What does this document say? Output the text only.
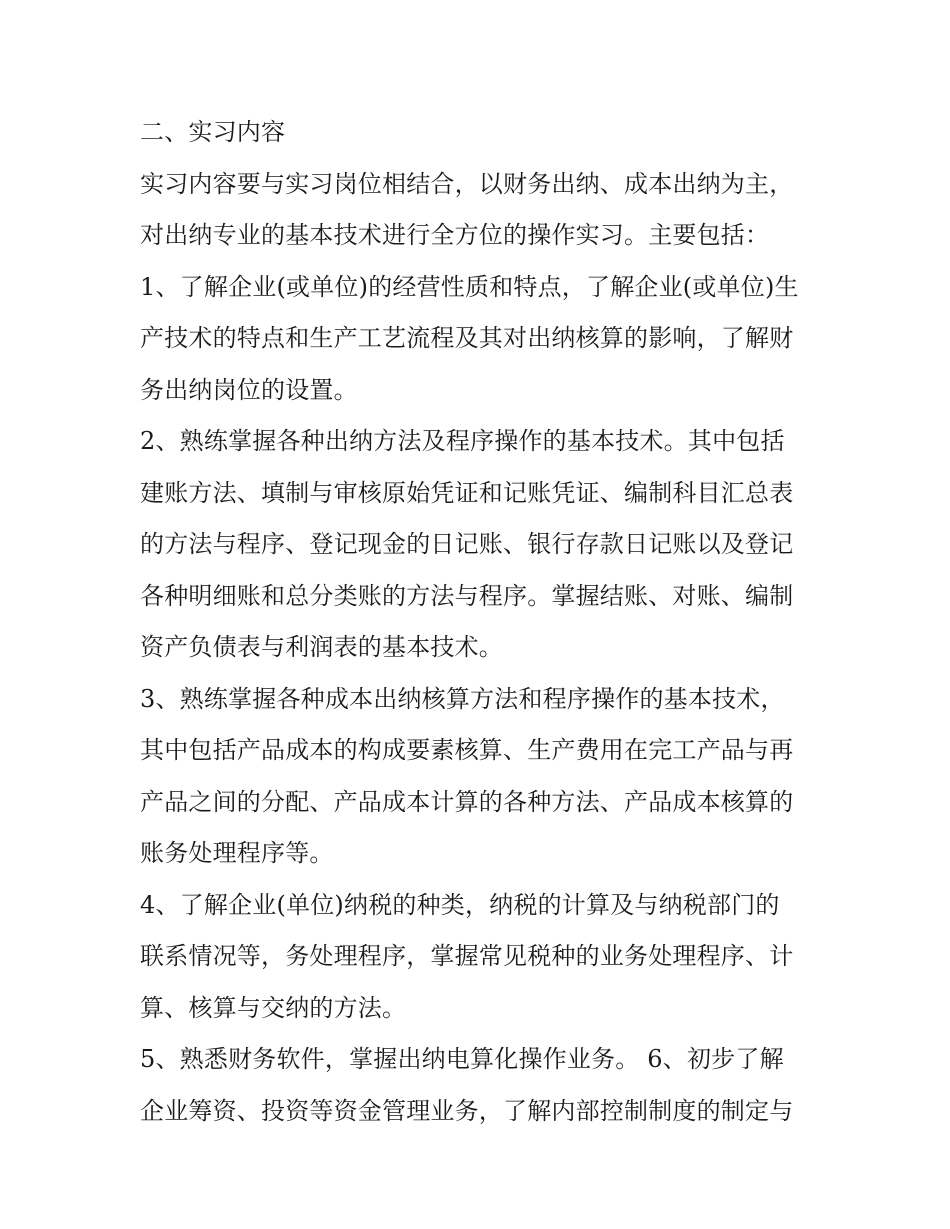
二、实习内容
实习内容要与实习岗位相结合，以财务出纳、成本出纳为主，
对出纳专业的基本技术进行全方位的操作实习。主要包括：
1、了解企业(或单位)的经营性质和特点，了解企业(或单位)生
产技术的特点和生产工艺流程及其对出纳核算的影响，了解财
务出纳岗位的设置。
2、熟练掌握各种出纳方法及程序操作的基本技术。其中包括
建账方法、填制与审核原始凭证和记账凭证、编制科目汇总表
的方法与程序、登记现金的日记账、银行存款日记账以及登记
各种明细账和总分类账的方法与程序。掌握结账、对账、编制
资产负债表与利润表的基本技术。
3、熟练掌握各种成本出纳核算方法和程序操作的基本技术，
其中包括产品成本的构成要素核算、生产费用在完工产品与再
产品之间的分配、产品成本计算的各种方法、产品成本核算的
账务处理程序等。
4、了解企业(单位)纳税的种类，纳税的计算及与纳税部门的
联系情况等，务处理程序，掌握常见税种的业务处理程序、计
算、核算与交纳的方法。
5、熟悉财务软件，掌握出纳电算化操作业务。 6、初步了解
企业筹资、投资等资金管理业务，了解内部控制制度的制定与
